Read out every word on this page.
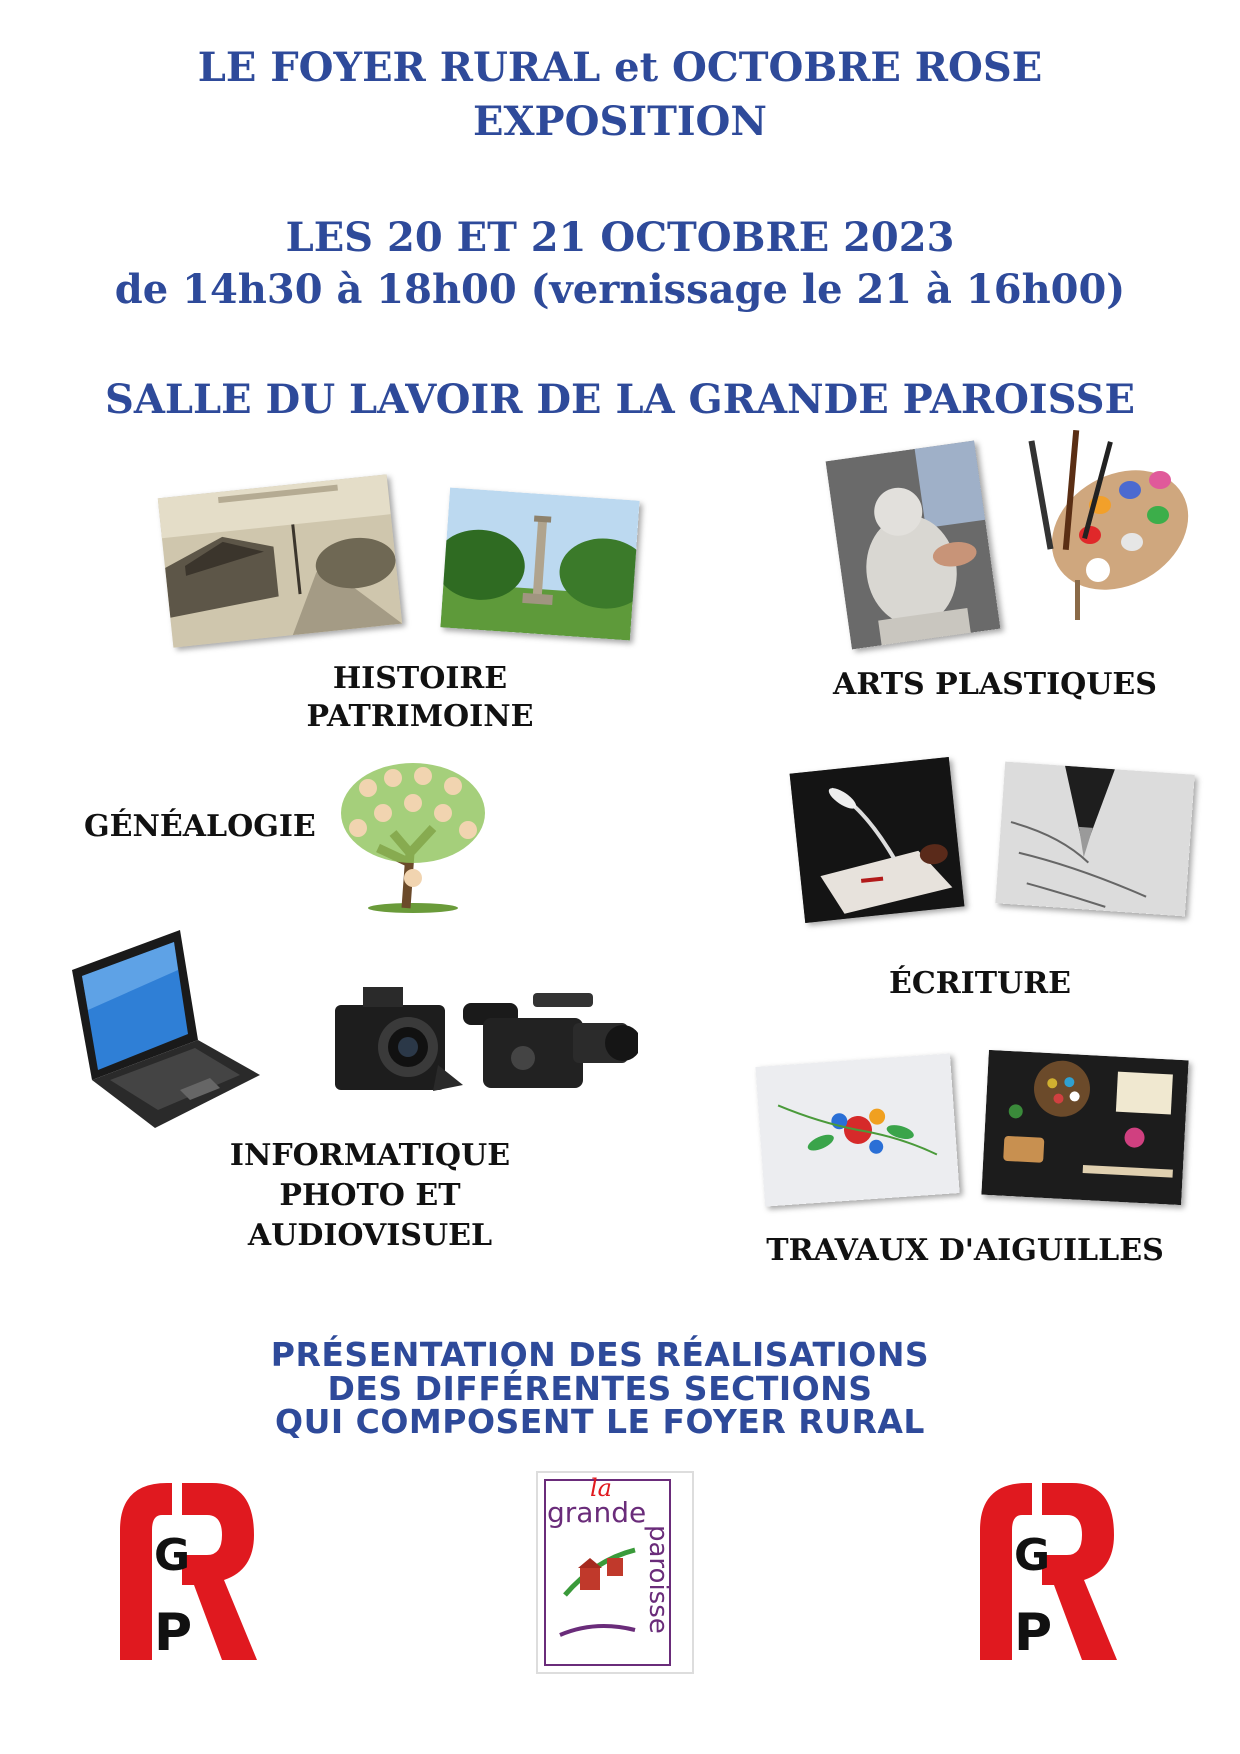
LE FOYER RURAL et OCTOBRE ROSE
EXPOSITION
LES 20 ET 21 OCTOBRE 2023
de 14h30 à 18h00 (vernissage le 21 à 16h00)
SALLE DU LAVOIR DE LA GRANDE PAROISSE
HISTOIRE
PATRIMOINE
ARTS PLASTIQUES
GÉNÉALOGIE
ÉCRITURE
INFORMATIQUE
PHOTO ET
AUDIOVISUEL	TRAVAUX D'AIGUILLES
PRÉSENTATION DES RÉALISATIONS
DES DIFFÉRENTES SECTIONS
QUI COMPOSENT LE FOYER RURAL
G
P
la
grande
paroisse	G
P
